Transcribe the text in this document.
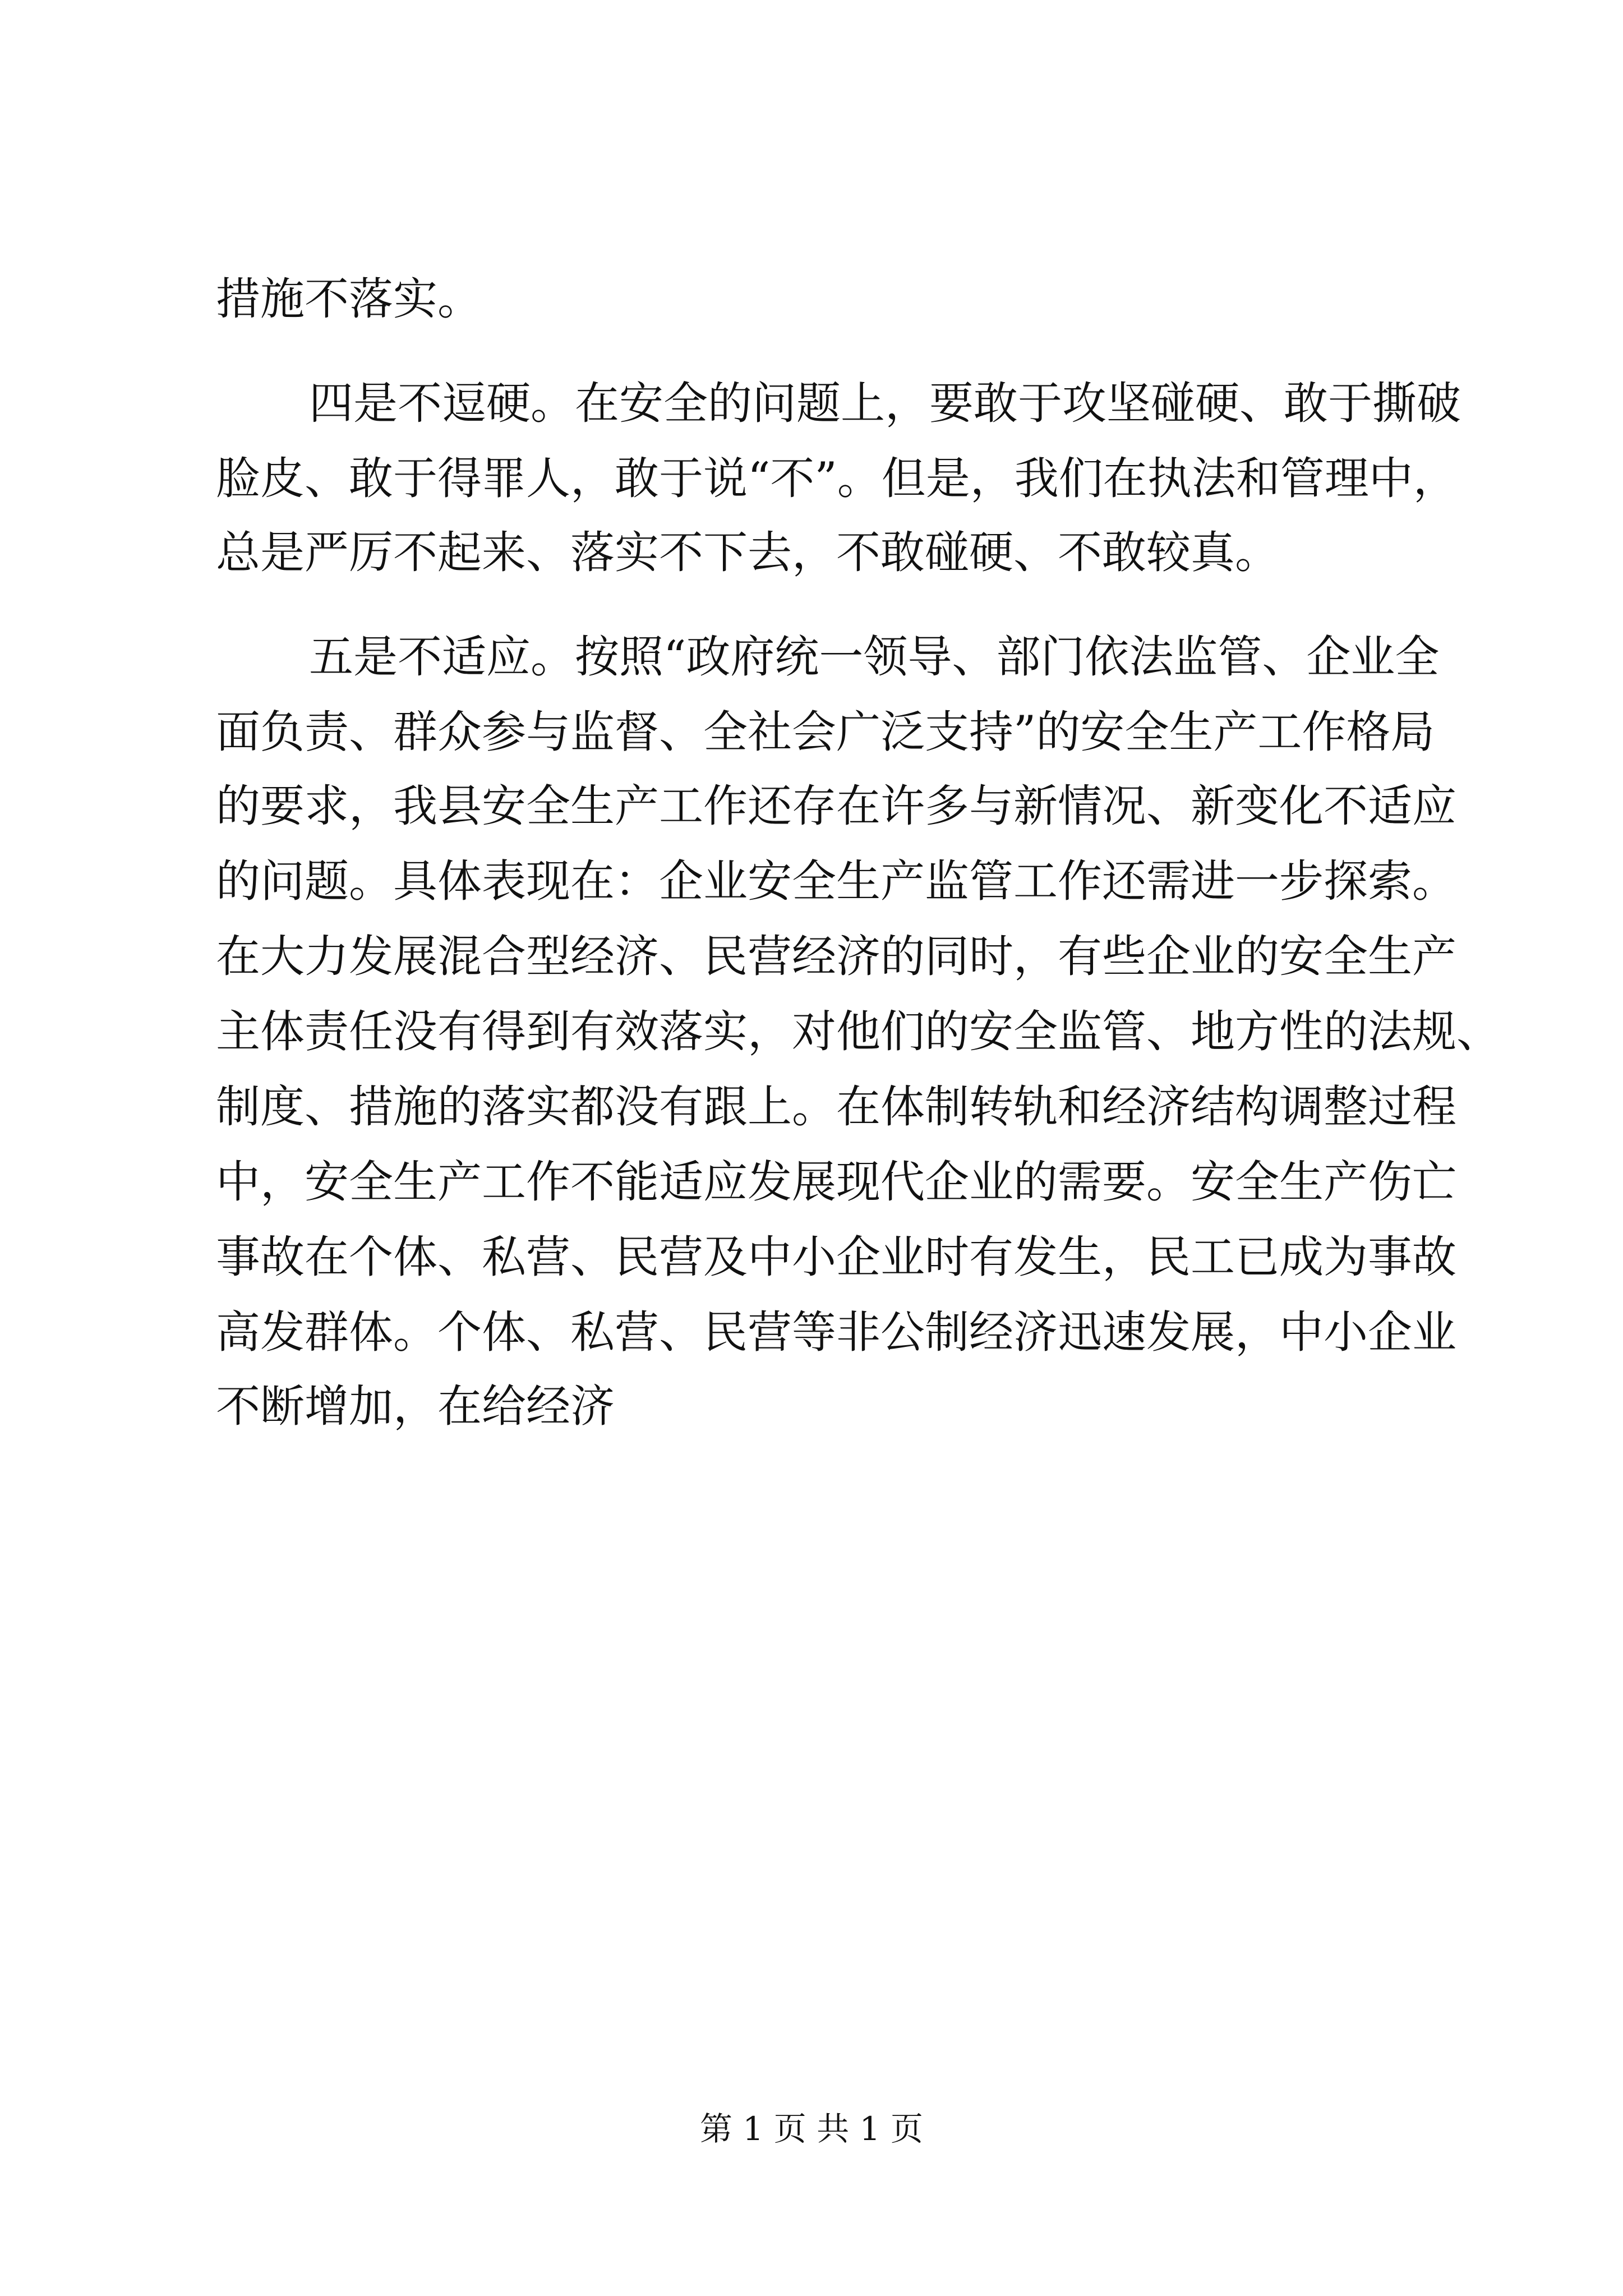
措施不落实。
四 是 不 逗 硬 。 在 安 全 的 问 题 上 ， 要 敢 于 攻 坚 碰 硬 、 敢 于 撕 破
脸 皮 、 敢 于 得 罪 人 ， 敢 于 说 “ 不 ” 。 但 是 ， 我 们 在 执 法 和 管 理 中 ，
总是严厉不起来、落实不下去，不敢碰硬、不敢较真。
五 是 不 适 应 。 按 照 “ 政 府 统 一 领 导 、 部 门 依 法 监 管 、 企 业 全
面 负 责 、 群 众 参 与 监 督 、 全 社 会 广 泛 支 持 ” 的 安 全 生 产 工 作 格 局
的 要 求 ， 我 县 安 全 生 产 工 作 还 存 在 许 多 与 新 情 况 、 新 变 化 不 适 应
的 问 题 。 具 体 表 现 在 ： 企 业 安 全 生 产 监 管 工 作 还 需 进 一 步 探 索 。
在 大 力 发 展 混 合 型 经 济 、 民 营 经 济 的 同 时 ， 有 些 企 业 的 安 全 生 产
主 体 责 任 没 有 得 到 有 效 落 实 ， 对 他 们 的 安 全 监 管 、 地 方 性 的 法 规 、
制 度 、 措 施 的 落 实 都 没 有 跟 上 。 在 体 制 转 轨 和 经 济 结 构 调 整 过 程
中 ， 安 全 生 产 工 作 不 能 适 应 发 展 现 代 企 业 的 需 要 。 安 全 生 产 伤 亡
事 故 在 个 体 、 私 营 、 民 营 及 中 小 企 业 时 有 发 生 ， 民 工 已 成 为 事 故
高 发 群 体 。 个 体 、 私 营 、 民 营 等 非 公 制 经 济 迅 速 发 展 ， 中 小 企 业
不断增加，在给经济
第 1 页 共 1 页
